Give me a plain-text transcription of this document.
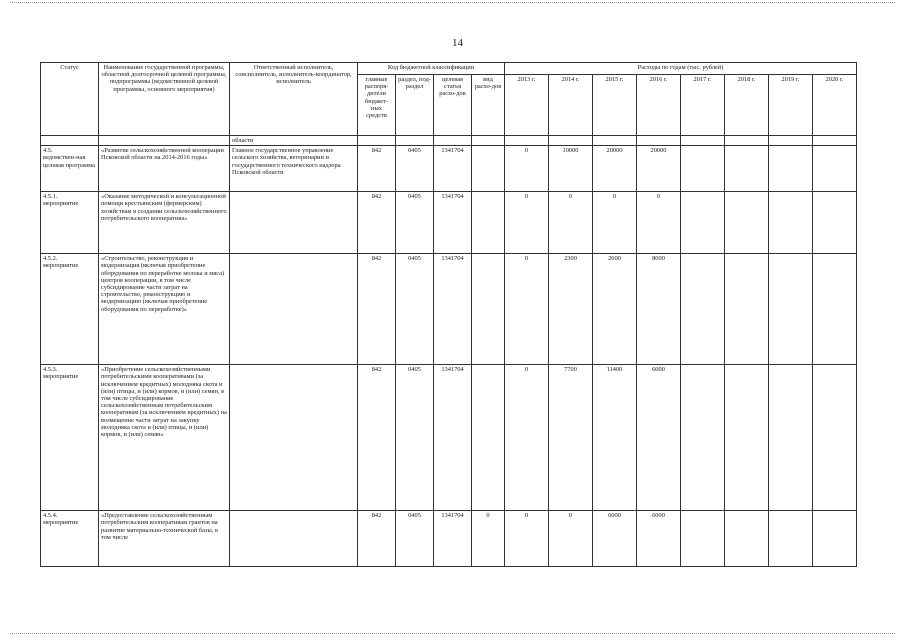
14
Статус	Наименование государственной программы, областной долгосрочной целевой программы, подпрограммы (ведомственной целевой программы, основного мероприятия)	Ответственный исполнитель, соисполнитель, исполнитель-координатор, исполнитель	Код бюджетной классификации				Расходы по годам (тыс. рублей)							
			главные распоря-дители бюджет-ных средств	раздел, под-раздел	целевая статья расхо-дов	вид расхо-дов	2013 г.	2014 г.	2015 г.	2016 г.	2017 г.	2018 г.	2019 г.	2020 г.
		области												
4.5.
ведомствен-ная целевая программа	«Развитие сельскохозяйственной кооперации Псковской области на 2014-2016 годы»	Главное государственное управление сельского хозяйства, ветеринарии и государственного технического надзора Псковской области	842	0405	1341704		0	10000	20000	20000				
4.5.1.
мероприятие	«Оказание методической и консультационной помощи крестьянским (фермерским) хозяйствам в создании сельскохозяйственного потребительского кооператива»		842	0405	1341704		0	0	0	0				
4.5.2.
мероприятие	«Строительство, реконструкция и модернизация (включая приобретение оборудования по переработке молока и мяса) центров кооперации, в том числе субсидирование части затрат на строительство, реконструкцию и модернизацию (включая приобретение оборудования по переработке)»		842	0405	1341704		0	2300	2600	8000				
4.5.3.
мероприятие	«Приобретение сельскохозяйственными потребительскими кооперативами (за исключением кредитных) молодняка скота и (или) птицы, и (или) кормов, и (или) семян, в том числе субсидирование сельскохозяйственным потребительским кооперативам (за исключением кредитных) на возмещение части затрат на закупку молодняка скота и (или) птицы, и (или) кормов, и (или) семян»		842	0405	1341704		0	7700	11400	6000				
4.5.4.
мероприятие	«Предоставление сельскохозяйственным потребительским кооперативам грантов на развитие материально-технической базы, в том числе		842	0405	1341704	0	0	0	6000	6000				
